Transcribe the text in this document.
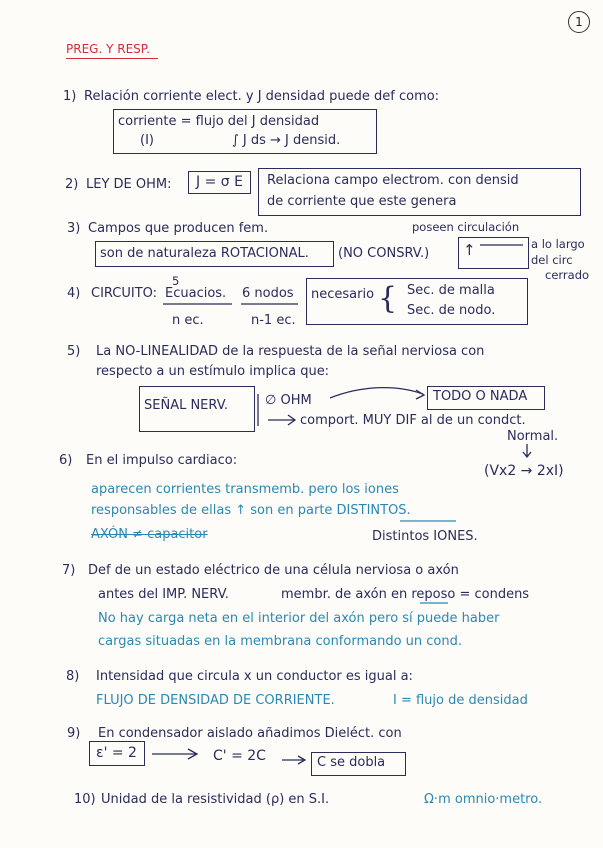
1
PREG. Y RESP.
1) Relación corriente elect. y J densidad puede def como:
corriente = flujo del J densidad
(I)	∫ J ds → J densid.
2) LEY DE OHM: J = σ E Relaciona campo electrom. con densid
de corriente que este genera
3) Campos que producen fem.	poseen circulación
son de naturaleza ROTACIONAL. (NO CONSRV.) ↑	a lo largo
del circ
cerrado
4) CIRCUITO:
5
Ecuacios. 6 nodos
n ec.	n-1 ec.
necesario { Sec. de malla
Sec. de nodo.
5) La NO-LINEALIDAD de la respuesta de la señal nerviosa con
respecto a un estímulo implica que:
SEÑAL NERV.	∅ OHM	TODO O NADA
comport. MUY DIF al de un condct.
Normal.
6) En el impulso cardiaco:
(Vx2 → 2xI)
aparecen corrientes transmemb. pero los iones
responsables de ellas ↑ son en parte DISTINTOS.
AXÓN ≠ capacitor	Distintos IONES.
7) Def de un estado eléctrico de una célula nerviosa o axón
antes del IMP. NERV.	membr. de axón en reposo = condens
No hay carga neta en el interior del axón pero sí puede haber
cargas situadas en la membrana conformando un cond.
8) Intensidad que circula x un conductor es igual a:
FLUJO DE DENSIDAD DE CORRIENTE.	I = flujo de densidad
9) En condensador aislado añadimos Dieléct. con
ε' = 2	C' = 2C	C se dobla
10) Unidad de la resistividad (ρ) en S.I.	Ω·m omnio·metro.
